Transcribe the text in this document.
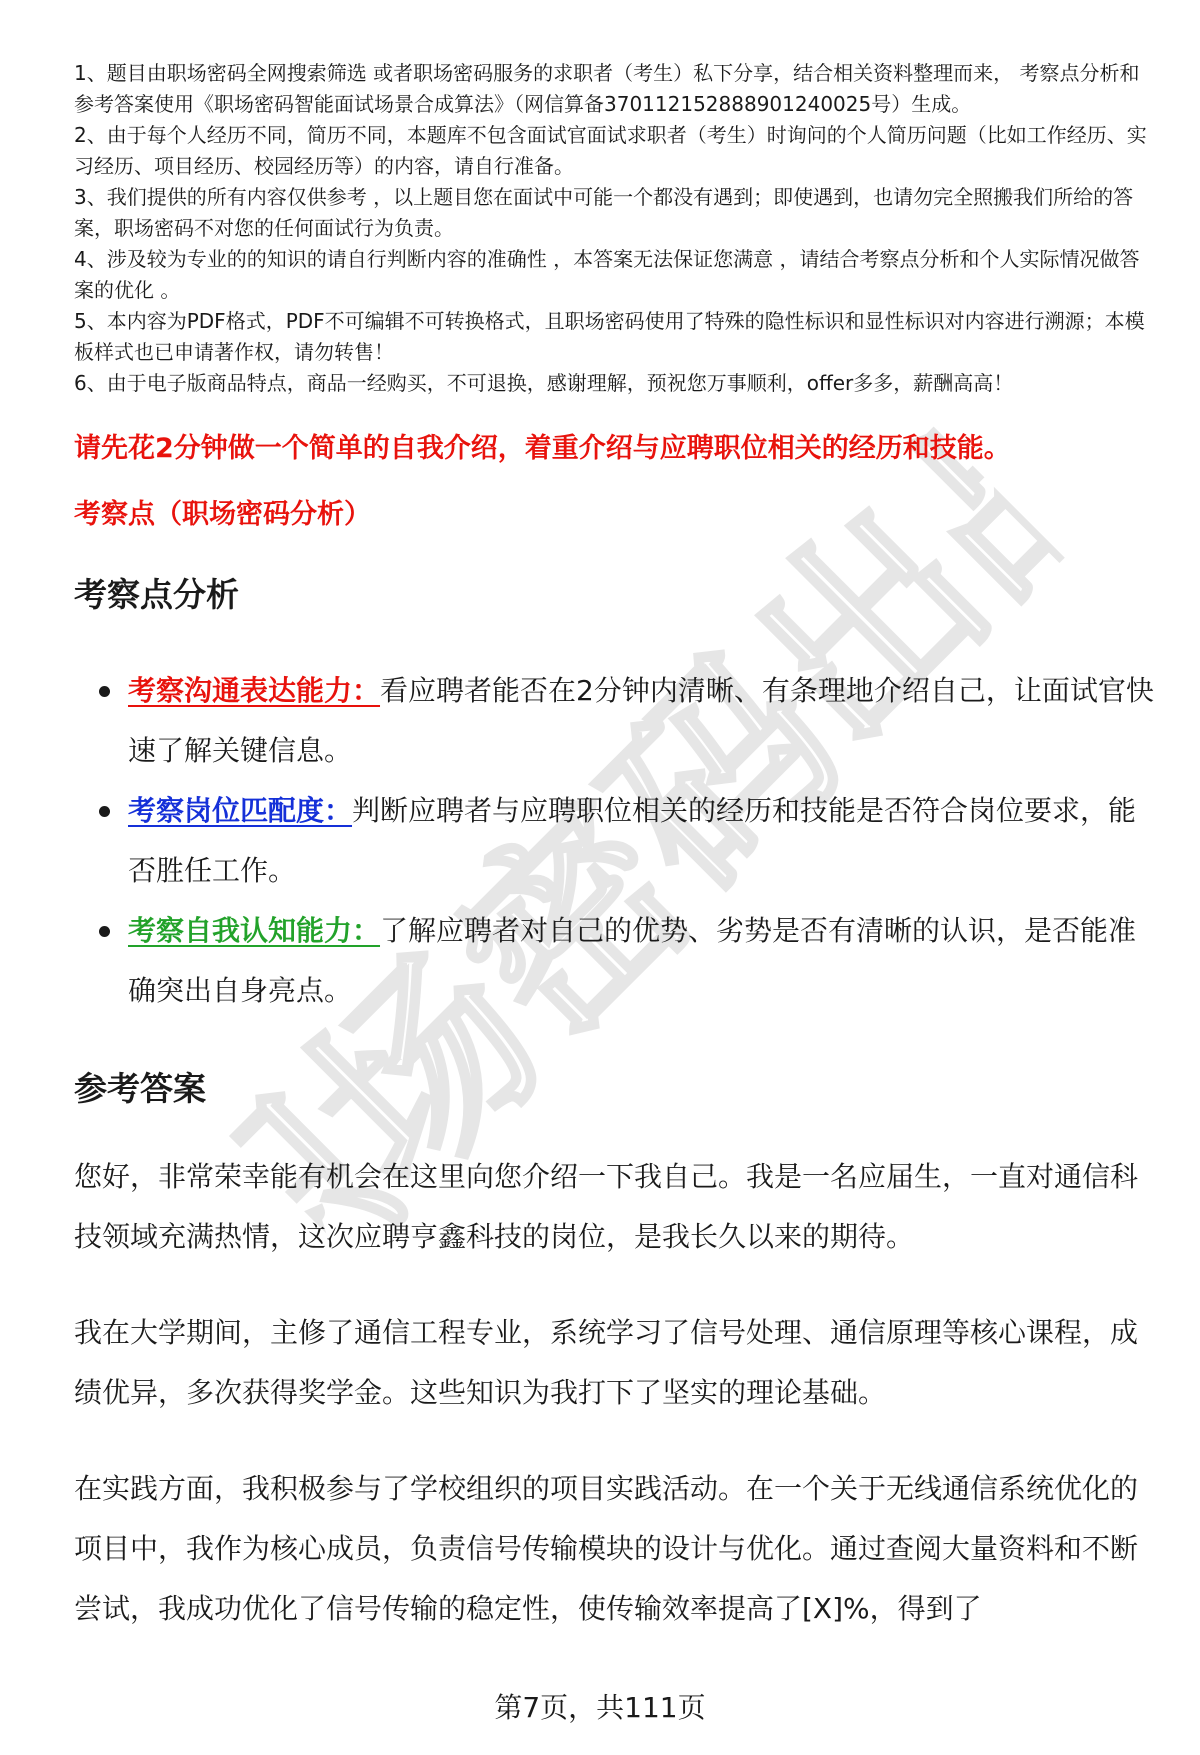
职场密码出品

1、题目由职场密码全网搜索筛选 或者职场密码服务的求职者（考生）私下分享，结合相关资料整理而来， 考察点分析和参考答案使用《职场密码智能面试场景合成算法》（网信算备370112152888901240025号）生成。

2、由于每个人经历不同，简历不同，本题库不包含面试官面试求职者（考生）时询问的个人简历问题（比如工作经历、实习经历、项目经历、校园经历等）的内容，请自行准备。

3、我们提供的所有内容仅供参考 ，以上题目您在面试中可能一个都没有遇到；即使遇到，也请勿完全照搬我们所给的答案，职场密码不对您的任何面试行为负责。

4、涉及较为专业的的知识的请自行判断内容的准确性 ，本答案无法保证您满意 ，请结合考察点分析和个人实际情况做答案的优化 。

5、本内容为PDF格式，PDF不可编辑不可转换格式，且职场密码使用了特殊的隐性标识和显性标识对内容进行溯源；本模板样式也已申请著作权，请勿转售！

6、由于电子版商品特点，商品一经购买，不可退换，感谢理解，预祝您万事顺利，offer多多，薪酬高高！

请先花2分钟做一个简单的自我介绍，着重介绍与应聘职位相关的经历和技能。
考察点（职场密码分析）
考察点分析
考察沟通表达能力：看应聘者能否在2分钟内清晰、有条理地介绍自己，让面试官快速了解关键信息。
考察岗位匹配度：判断应聘者与应聘职位相关的经历和技能是否符合岗位要求，能否胜任工作。
考察自我认知能力：了解应聘者对自己的优势、劣势是否有清晰的认识，是否能准确突出自身亮点。
参考答案

您好，非常荣幸能有机会在这里向您介绍一下我自己。我是一名应届生，一直对通信科技领域充满热情，这次应聘亨鑫科技的岗位，是我长久以来的期待。

我在大学期间，主修了通信工程专业，系统学习了信号处理、通信原理等核心课程，成绩优异，多次获得奖学金。这些知识为我打下了坚实的理论基础。

在实践方面，我积极参与了学校组织的项目实践活动。在一个关于无线通信系统优化的项目中，我作为核心成员，负责信号传输模块的设计与优化。通过查阅大量资料和不断尝试，我成功优化了信号传输的稳定性，使传输效率提高了[X]%，得到了

第7页，共111页
